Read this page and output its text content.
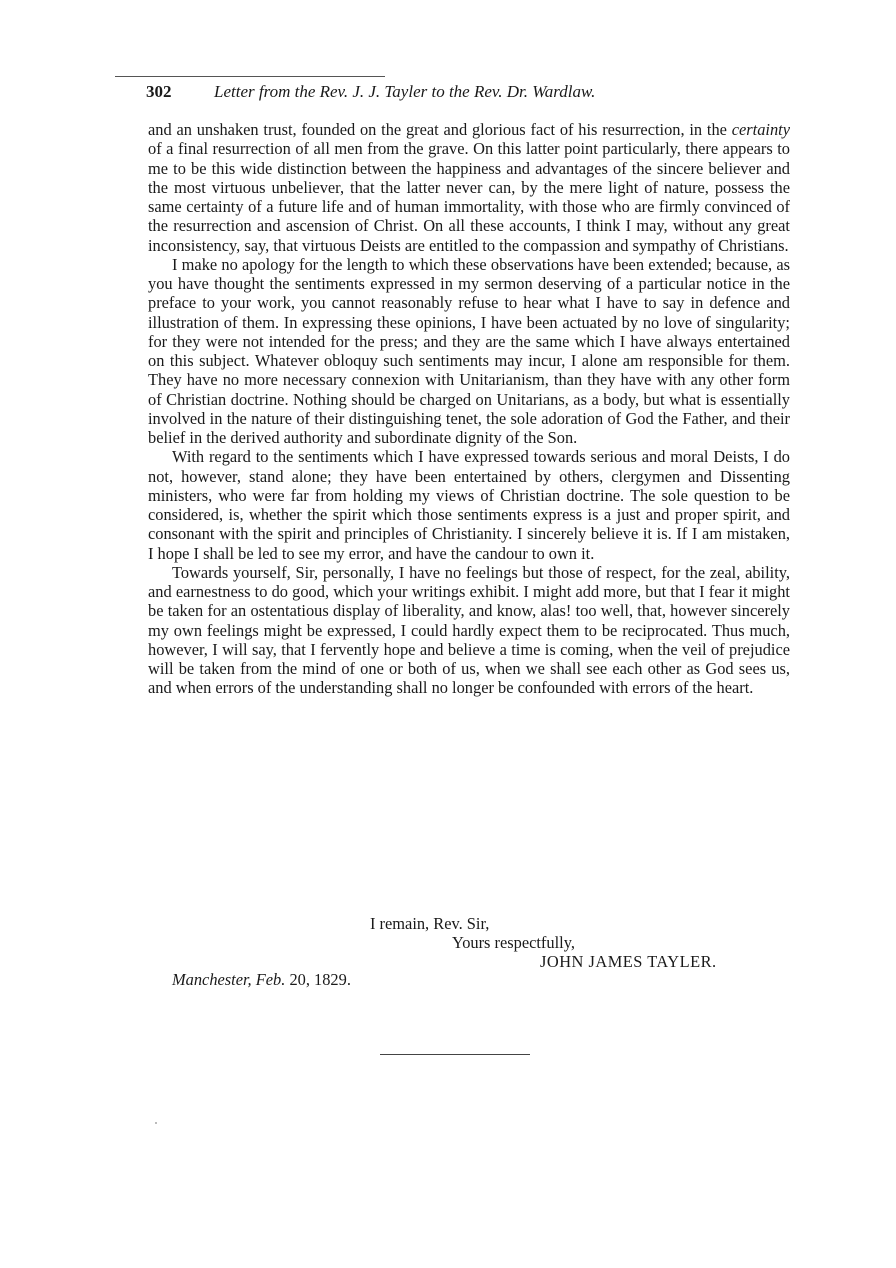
302	Letter from the Rev. J. J. Tayler to the Rev. Dr. Wardlaw.

and an unshaken trust, founded on the great and glorious fact of his resurrection, in the certainty of a final resurrection of all men from the grave. On this latter point particularly, there appears to me to be this wide distinction between the happiness and advantages of the sincere believer and the most virtuous unbeliever, that the latter never can, by the mere light of nature, possess the same certainty of a future life and of human immortality, with those who are firmly convinced of the resurrection and ascension of Christ. On all these accounts, I think I may, without any great inconsistency, say, that virtuous Deists are entitled to the compassion and sympathy of Christians.

I make no apology for the length to which these observations have been extended; because, as you have thought the sentiments expressed in my sermon deserving of a particular notice in the preface to your work, you cannot reasonably refuse to hear what I have to say in defence and illustration of them. In expressing these opinions, I have been actuated by no love of singularity; for they were not intended for the press; and they are the same which I have always entertained on this subject. Whatever obloquy such sentiments may incur, I alone am responsible for them. They have no more necessary connexion with Unitarianism, than they have with any other form of Christian doctrine. Nothing should be charged on Unitarians, as a body, but what is essentially involved in the nature of their distinguishing tenet, the sole adoration of God the Father, and their belief in the derived authority and subordinate dignity of the Son.

With regard to the sentiments which I have expressed towards serious and moral Deists, I do not, however, stand alone; they have been entertained by others, clergymen and Dissenting ministers, who were far from holding my views of Christian doctrine. The sole question to be considered, is, whether the spirit which those sentiments express is a just and proper spirit, and consonant with the spirit and principles of Christianity. I sincerely believe it is. If I am mistaken, I hope I shall be led to see my error, and have the candour to own it.

Towards yourself, Sir, personally, I have no feelings but those of respect, for the zeal, ability, and earnestness to do good, which your writings exhibit. I might add more, but that I fear it might be taken for an ostentatious display of liberality, and know, alas! too well, that, however sincerely my own feelings might be expressed, I could hardly expect them to be reciprocated. Thus much, however, I will say, that I fervently hope and believe a time is coming, when the veil of prejudice will be taken from the mind of one or both of us, when we shall see each other as God sees us, and when errors of the understanding shall no longer be confounded with errors of the heart.

I remain, Rev. Sir,
Yours respectfully,
JOHN JAMES TAYLER.
Manchester, Feb. 20, 1829.
